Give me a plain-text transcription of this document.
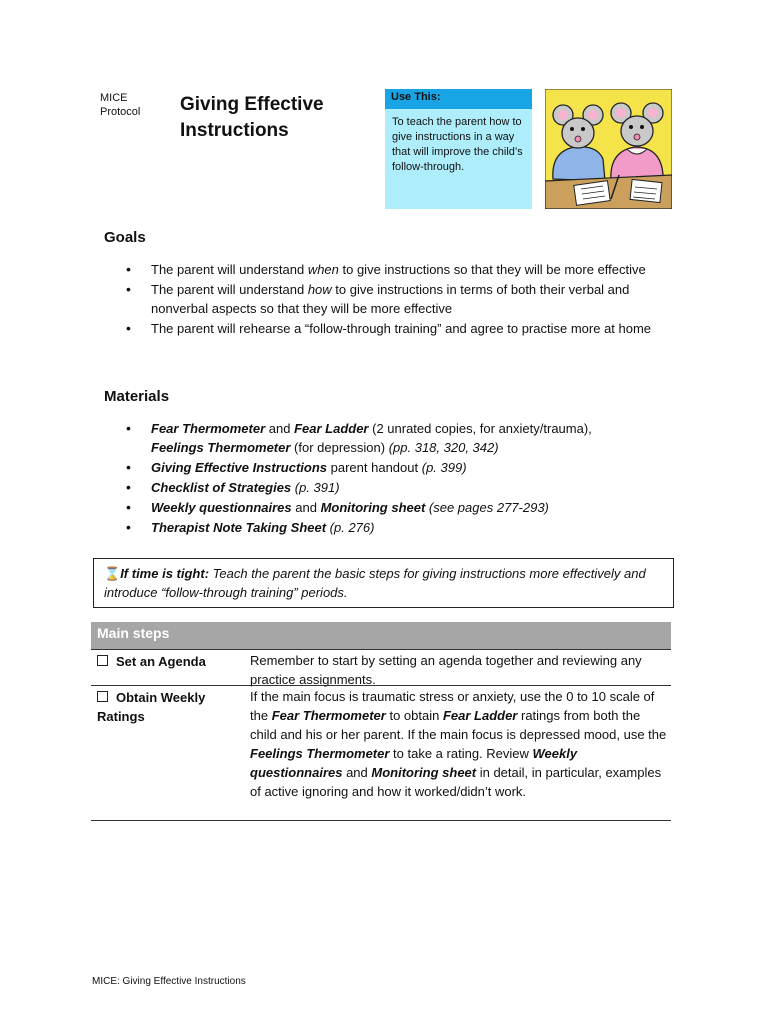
MICE
Protocol Giving Effective
Instructions
Use This:
To teach the parent how to give instructions in a way that will improve the child’s follow-through.
Goals
• The parent will understand when to give instructions so that they will be more effective
• The parent will understand how to give instructions in terms of both their verbal and nonverbal aspects so that they will be more effective
• The parent will rehearse a “follow-through training” and agree to practise more at home
Materials
• Fear Thermometer and Fear Ladder (2 unrated copies, for anxiety/trauma),
Feelings Thermometer (for depression) (pp. 318, 320, 342)
• Giving Effective Instructions parent handout (p. 399)
• Checklist of Strategies (p. 391)
• Weekly questionnaires and Monitoring sheet (see pages 277-293)
• Therapist Note Taking Sheet (p. 276)
⌛If time is tight: Teach the parent the basic steps for giving instructions more effectively and introduce “follow-through training” periods.
Main steps
Set an Agenda	Remember to start by setting an agenda together and reviewing any practice assignments.
Obtain Weekly Ratings
If the main focus is traumatic stress or anxiety, use the 0 to 10 scale of the Fear Thermometer to obtain Fear Ladder ratings from both the child and his or her parent. If the main focus is depressed mood, use the Feelings Thermometer to take a rating. Review Weekly questionnaires and Monitoring sheet in detail, in particular, examples of active ignoring and how it worked/didn’t work.
MICE: Giving Effective Instructions
